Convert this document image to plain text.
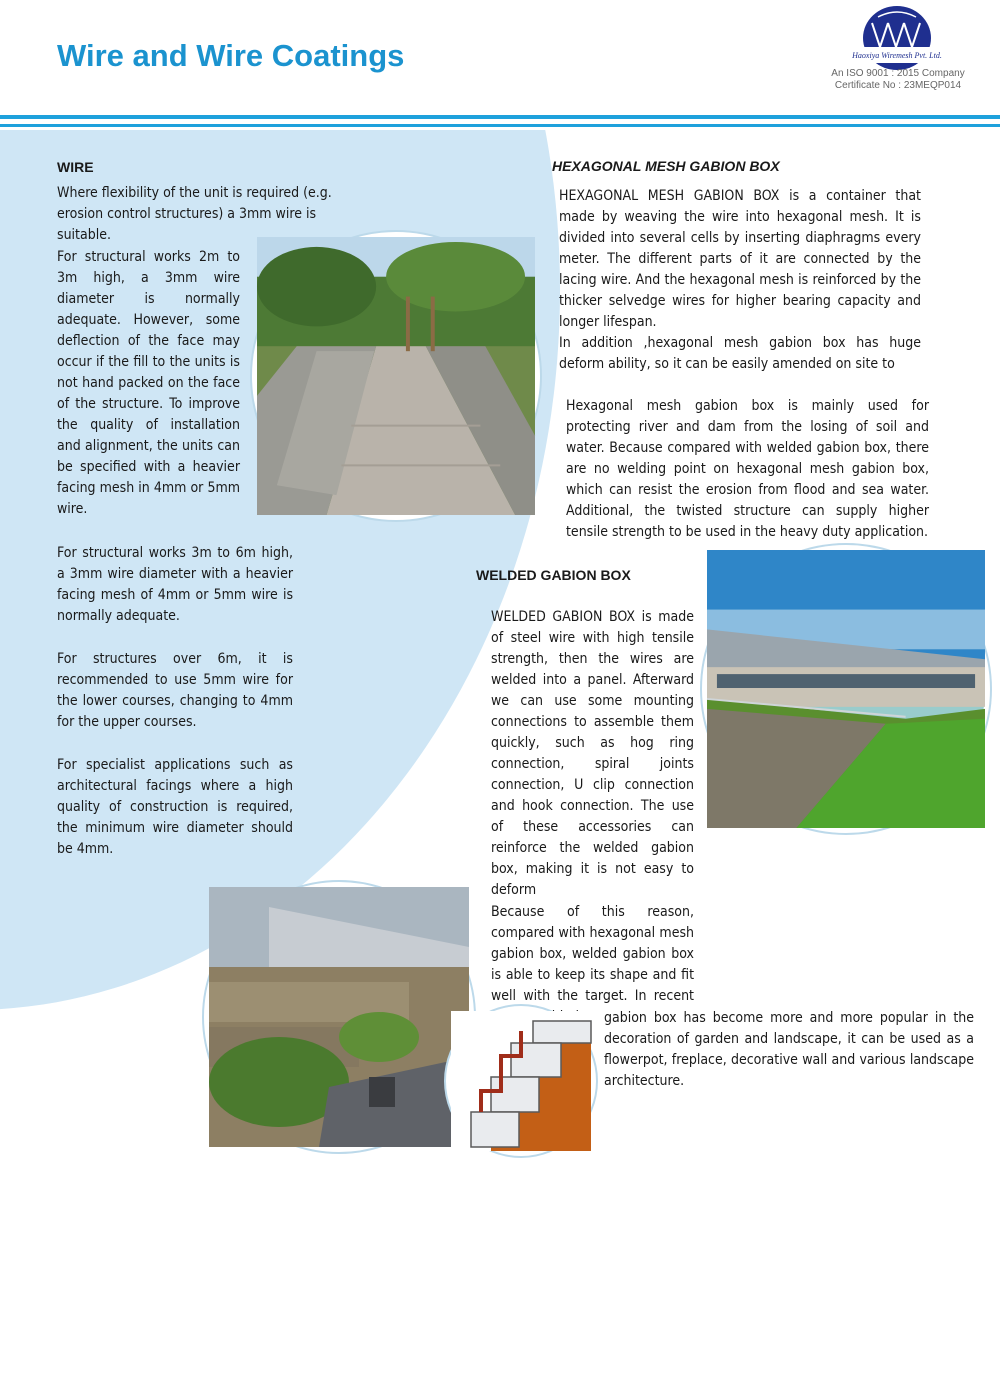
Wire and Wire Coatings	Haoxiya Wiremesh Pvt. Ltd.
An ISO 9001 : 2015 Company
Certificate No : 23MEQP014
WIRE

Where flexibility of the unit is required (e.g. erosion control structures) a 3mm wire is suitable.

For structural works 2m to 3m high, a 3mm wire diameter is normally adequate. However, some deflection of the face may occur if the fill to the units is not hand packed on the face of the structure. To improve the quality of installation and alignment, the units can be specified with a heavier facing mesh in 4mm or 5mm wire.

For structural works 3m to 6m high, a 3mm wire diameter with a heavier facing mesh of 4mm or 5mm wire is normally adequate.

For structures over 6m, it is recommended to use 5mm wire for the lower courses, changing to 4mm for the upper courses.

For specialist applications such as architectural facings where a high quality of construction is required, the minimum wire diameter should be 4mm.

HEXAGONAL MESH GABION BOX

HEXAGONAL MESH GABION BOX is a container that made by weaving the wire into hexagonal mesh. It is divided into several cells by inserting diaphragms every meter. The different parts of it are connected by the lacing wire. And the hexagonal mesh is reinforced by the thicker selvedge wires for higher bearing capacity and longer lifespan.

In addition ,hexagonal mesh gabion box has huge deform ability, so it can be easily amended on site to

Hexagonal mesh gabion box is mainly used for protecting river and dam from the losing of soil and water. Because compared with welded gabion box, there are no welding point on hexagonal mesh gabion box, which can resist the erosion from flood and sea water. Additional, the twisted structure can supply higher tensile strength to be used in the heavy duty application.

WELDED GABION BOX

WELDED GABION BOX is made of steel wire with high tensile strength, then the wires are welded into a panel. Afterward we can use some mounting connections to assemble them quickly, such as hog ring connection, spiral joints connection, U clip connection and hook connection. The use of these accessories can reinforce the welded gabion box, making it is not easy to deform

Because of this reason, compared with hexagonal mesh gabion box, welded gabion box is able to keep its shape and fit well with the target. In recent

gabion box has become more and more popular in the decoration of garden and landscape, it can be used as a flowerpot, freplace, decorative wall and various landscape architecture.
